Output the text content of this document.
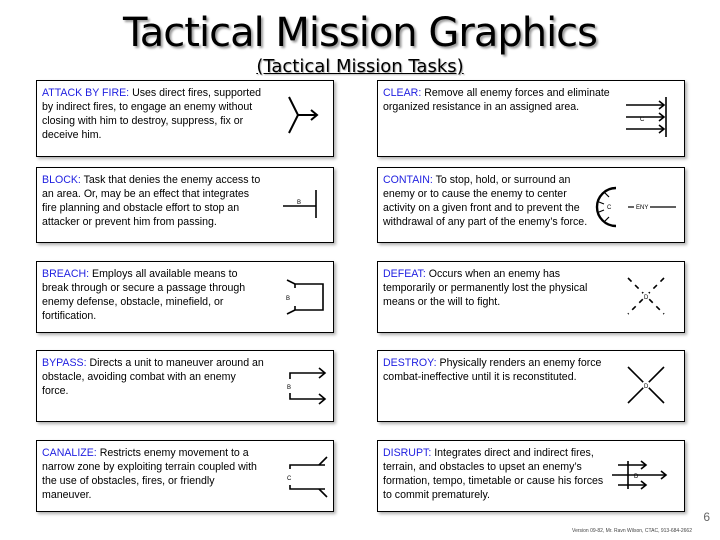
Tactical Mission Graphics
(Tactical Mission Tasks)
ATTACK BY FIRE: Uses direct fires, supported by indirect fires, to engage an enemy without closing with him to destroy, suppress, fix or deceive him.
CLEAR: Remove all enemy forces and eliminate organized resistance in an assigned area.
C
BLOCK: Task that denies the enemy access to an area. Or, may be an effect that integrates fire planning and obstacle effort to stop an attacker or prevent him from passing.
B
CONTAIN: To stop, hold, or surround an enemy or to cause the enemy to center activity on a given front and to prevent the withdrawal of any part of the enemy’s force.
C	ENY
BREACH: Employs all available means to break through or secure a passage through enemy defense, obstacle, minefield, or fortification.
B
DEFEAT: Occurs when an enemy has temporarily or permanently lost the physical means or the will to fight.	D
BYPASS: Directs a unit to maneuver around an obstacle, avoiding combat with an enemy force.	B
DESTROY: Physically renders an enemy force combat-ineffective until it is reconstituted.
D
CANALIZE: Restricts enemy movement to a narrow zone by exploiting terrain coupled with the use of obstacles, fires, or friendly maneuver.
C
DISRUPT: Integrates direct and indirect fires, terrain, and obstacles to upset an enemy’s formation, tempo, timetable or cause his forces to commit prematurely.
D
6
Version 09-82, Mr. Ravn Wilson, CTAC, 913-684-2662
